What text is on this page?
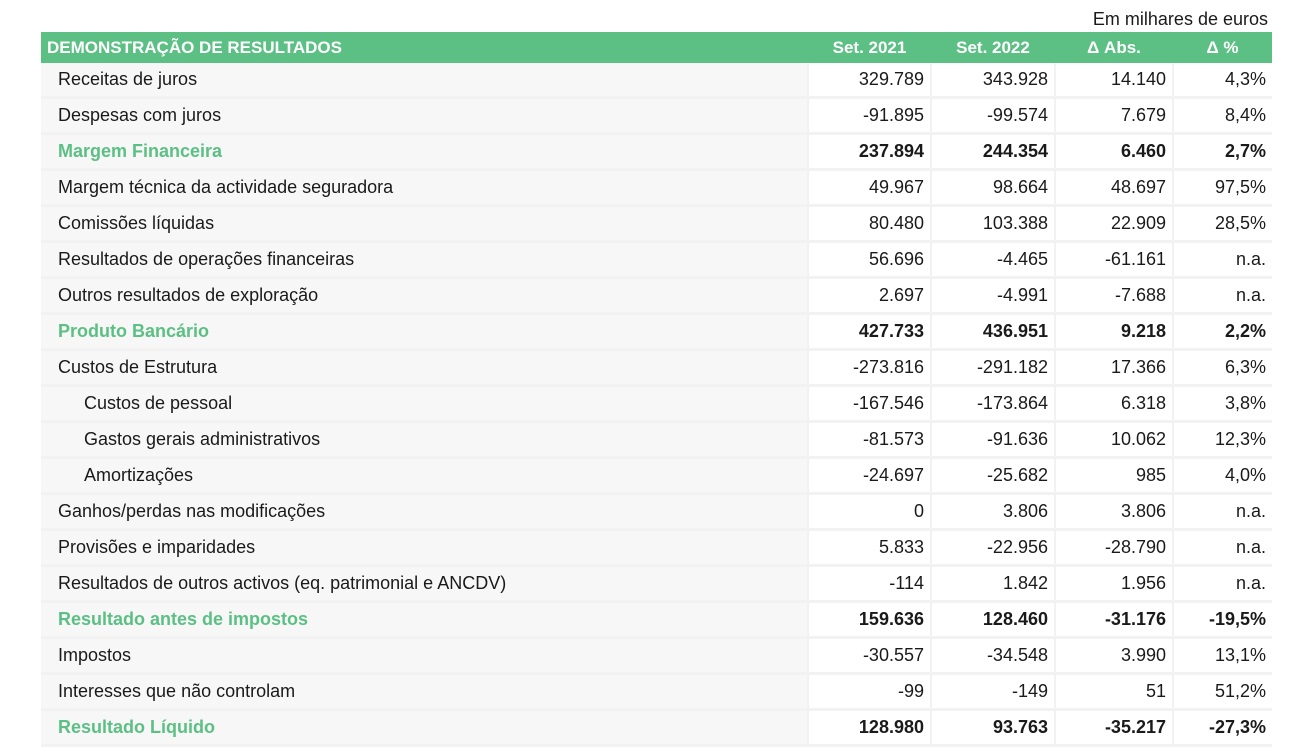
Em milhares de euros
DEMONSTRAÇÃO DE RESULTADOS	Set. 2021	Set. 2022	Δ Abs.	Δ %
Receitas de juros	329.789	343.928	14.140	4,3%
Despesas com juros	-91.895	-99.574	7.679	8,4%
Margem Financeira	237.894	244.354	6.460	2,7%
Margem técnica da actividade seguradora	49.967	98.664	48.697	97,5%
Comissões líquidas	80.480	103.388	22.909	28,5%
Resultados de operações financeiras	56.696	-4.465	-61.161	n.a.
Outros resultados de exploração	2.697	-4.991	-7.688	n.a.
Produto Bancário	427.733	436.951	9.218	2,2%
Custos de Estrutura	-273.816	-291.182	17.366	6,3%
Custos de pessoal	-167.546	-173.864	6.318	3,8%
Gastos gerais administrativos	-81.573	-91.636	10.062	12,3%
Amortizações	-24.697	-25.682	985	4,0%
Ganhos/perdas nas modificações	0	3.806	3.806	n.a.
Provisões e imparidades	5.833	-22.956	-28.790	n.a.
Resultados de outros activos (eq. patrimonial e ANCDV)	-114	1.842	1.956	n.a.
Resultado antes de impostos	159.636	128.460	-31.176	-19,5%
Impostos	-30.557	-34.548	3.990	13,1%
Interesses que não controlam	-99	-149	51	51,2%
Resultado Líquido	128.980	93.763	-35.217	-27,3%
